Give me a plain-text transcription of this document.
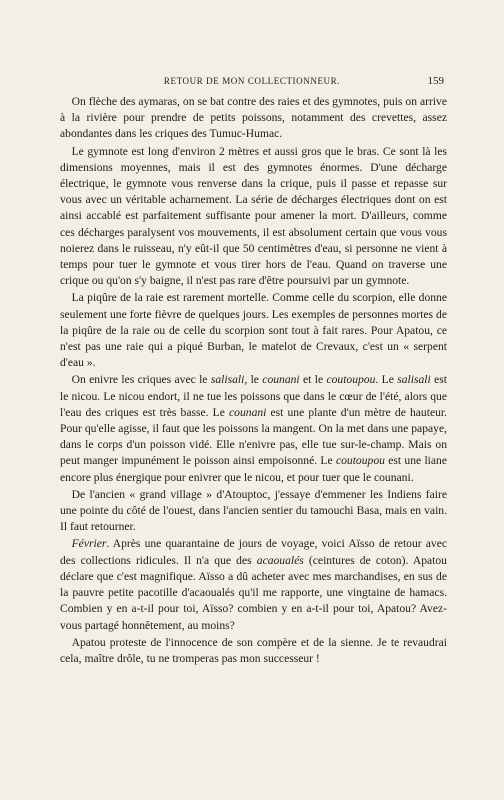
RETOUR DE MON COLLECTIONNEUR.	159

On flèche des aymaras, on se bat contre des raies et des gymnotes, puis on arrive à la rivière pour prendre de petits poissons, notamment des crevettes, assez abondantes dans les criques des Tumuc-Humac.

Le gymnote est long d'environ 2 mètres et aussi gros que le bras. Ce sont là les dimensions moyennes, mais il est des gymnotes énormes. D'une décharge électrique, le gymnote vous renverse dans la crique, puis il passe et repasse sur vous avec un véritable acharnement. La série de décharges électriques dont on est ainsi accablé est parfaitement suffisante pour amener la mort. D'ailleurs, comme ces décharges paralysent vos mouvements, il est absolument certain que vous vous noierez dans le ruisseau, n'y eût-il que 50 centimètres d'eau, si personne ne vient à temps pour tuer le gymnote et vous tirer hors de l'eau. Quand on traverse une crique ou qu'on s'y baigne, il n'est pas rare d'être poursuivi par un gymnote.

La piqûre de la raie est rarement mortelle. Comme celle du scorpion, elle donne seulement une forte fièvre de quelques jours. Les exemples de personnes mortes de la piqûre de la raie ou de celle du scorpion sont tout à fait rares. Pour Apatou, ce n'est pas une raie qui a piqué Burban, le matelot de Crevaux, c'est un « serpent d'eau ».

On enivre les criques avec le salisali, le counani et le coutoupou. Le salisali est le nicou. Le nicou endort, il ne tue les poissons que dans le cœur de l'été, alors que l'eau des criques est très basse. Le counani est une plante d'un mètre de hauteur. Pour qu'elle agisse, il faut que les poissons la mangent. On la met dans une papaye, dans le corps d'un poisson vidé. Elle n'enivre pas, elle tue sur-le-champ. Mais on peut manger impunément le poisson ainsi empoisonné. Le coutoupou est une liane encore plus énergique pour enivrer que le nicou, et pour tuer que le counani.

De l'ancien « grand village » d'Atouptoc, j'essaye d'emmener les Indiens faire une pointe du côté de l'ouest, dans l'ancien sentier du tamouchi Basa, mais en vain. Il faut retourner.

Février. Après une quarantaine de jours de voyage, voici Aïsso de retour avec des collections ridicules. Il n'a que des acaoualés (ceintures de coton). Apatou déclare que c'est magnifique. Aïsso a dû acheter avec mes marchandises, en sus de la pauvre petite pacotille d'acaoualés qu'il me rapporte, une vingtaine de hamacs. Combien y en a-t-il pour toi, Aïsso? combien y en a-t-il pour toi, Apatou? Avez-vous partagé honnêtement, au moins?

Apatou proteste de l'innocence de son compère et de la sienne. Je te revaudrai cela, maître drôle, tu ne tromperas pas mon successeur !
